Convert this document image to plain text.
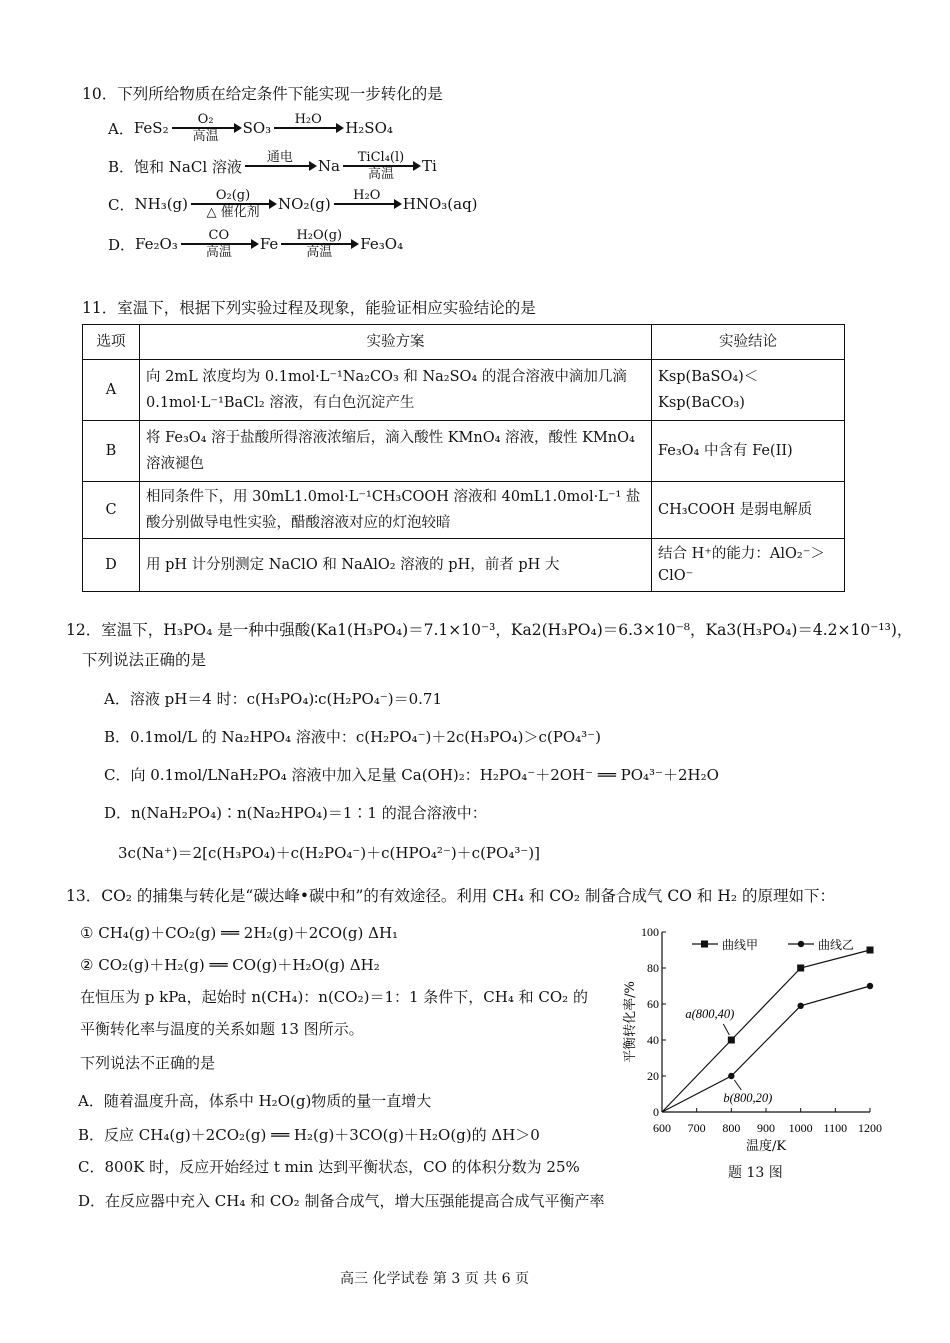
10．下列所给物质在给定条件下能实现一步转化的是
A． FeS₂	O₂
高温	SO₃	H₂O	H₂SO₄
B． 饱和 NaCl 溶液	通电	Na	TiCl₄(l)
高温	Ti
C． NH₃(g)	O₂(g)
△ 催化剂	NO₂(g)	H₂O	HNO₃(aq)
D． Fe₂O₃	CO
高温	Fe	H₂O(g)
高温	Fe₃O₄
11．室温下，根据下列实验过程及现象，能验证相应实验结论的是
选项	实验方案	实验结论
A	向 2mL 浓度均为 0.1mol·L⁻¹Na₂CO₃ 和 Na₂SO₄ 的混合溶液中滴加几滴 0.1mol·L⁻¹BaCl₂ 溶液，有白色沉淀产生	Ksp(BaSO₄)＜Ksp(BaCO₃)
B	将 Fe₃O₄ 溶于盐酸所得溶液浓缩后，滴入酸性 KMnO₄ 溶液，酸性 KMnO₄ 溶液褪色	Fe₃O₄ 中含有 Fe(II)
C	相同条件下，用 30mL1.0mol·L⁻¹CH₃COOH 溶液和 40mL1.0mol·L⁻¹ 盐酸分别做导电性实验，醋酸溶液对应的灯泡较暗	CH₃COOH 是弱电解质
D	用 pH 计分别测定 NaClO 和 NaAlO₂ 溶液的 pH，前者 pH 大	结合 H⁺的能力：AlO₂⁻＞ClO⁻
12．室温下，H₃PO₄ 是一种中强酸(Ka1(H₃PO₄)＝7.1×10⁻³，Ka2(H₃PO₄)＝6.3×10⁻⁸，Ka3(H₃PO₄)＝4.2×10⁻¹³)，
下列说法正确的是
A．溶液 pH＝4 时：c(H₃PO₄)∶c(H₂PO₄⁻)＝0.71
B．0.1mol/L 的 Na₂HPO₄ 溶液中：c(H₂PO₄⁻)＋2c(H₃PO₄)＞c(PO₄³⁻)
C．向 0.1mol/LNaH₂PO₄ 溶液中加入足量 Ca(OH)₂：H₂PO₄⁻＋2OH⁻ ══ PO₄³⁻＋2H₂O
D．n(NaH₂PO₄)∶n(Na₂HPO₄)＝1∶1 的混合溶液中：
3c(Na⁺)＝2[c(H₃PO₄)＋c(H₂PO₄⁻)＋c(HPO₄²⁻)＋c(PO₄³⁻)]
13．CO₂ 的捕集与转化是“碳达峰•碳中和”的有效途径。利用 CH₄ 和 CO₂ 制备合成气 CO 和 H₂ 的原理如下：
① CH₄(g)＋CO₂(g) ══ 2H₂(g)＋2CO(g) ΔH₁
② CO₂(g)＋H₂(g) ══ CO(g)＋H₂O(g) ΔH₂
在恒压为 p kPa，起始时 n(CH₄)：n(CO₂)＝1：1 条件下，CH₄ 和 CO₂ 的
平衡转化率与温度的关系如题 13 图所示。
下列说法不正确的是
A．随着温度升高，体系中 H₂O(g)物质的量一直增大
B．反应 CH₄(g)＋2CO₂(g) ══ H₂(g)＋3CO(g)＋H₂O(g)的 ΔH＞0
C．800K 时，反应开始经过 t min 达到平衡状态，CO 的体积分数为 25%
D．在反应器中充入 CH₄ 和 CO₂ 制备合成气，增大压强能提高合成气平衡产率
0
20
40
60
80
100
600 700 800 900 1000 1100 1200
温度/K
平衡转化率/%
曲线甲	曲线乙
a(800,40)
b(800,20)
题 13 图
高三 化学试卷 第 3 页 共 6 页
